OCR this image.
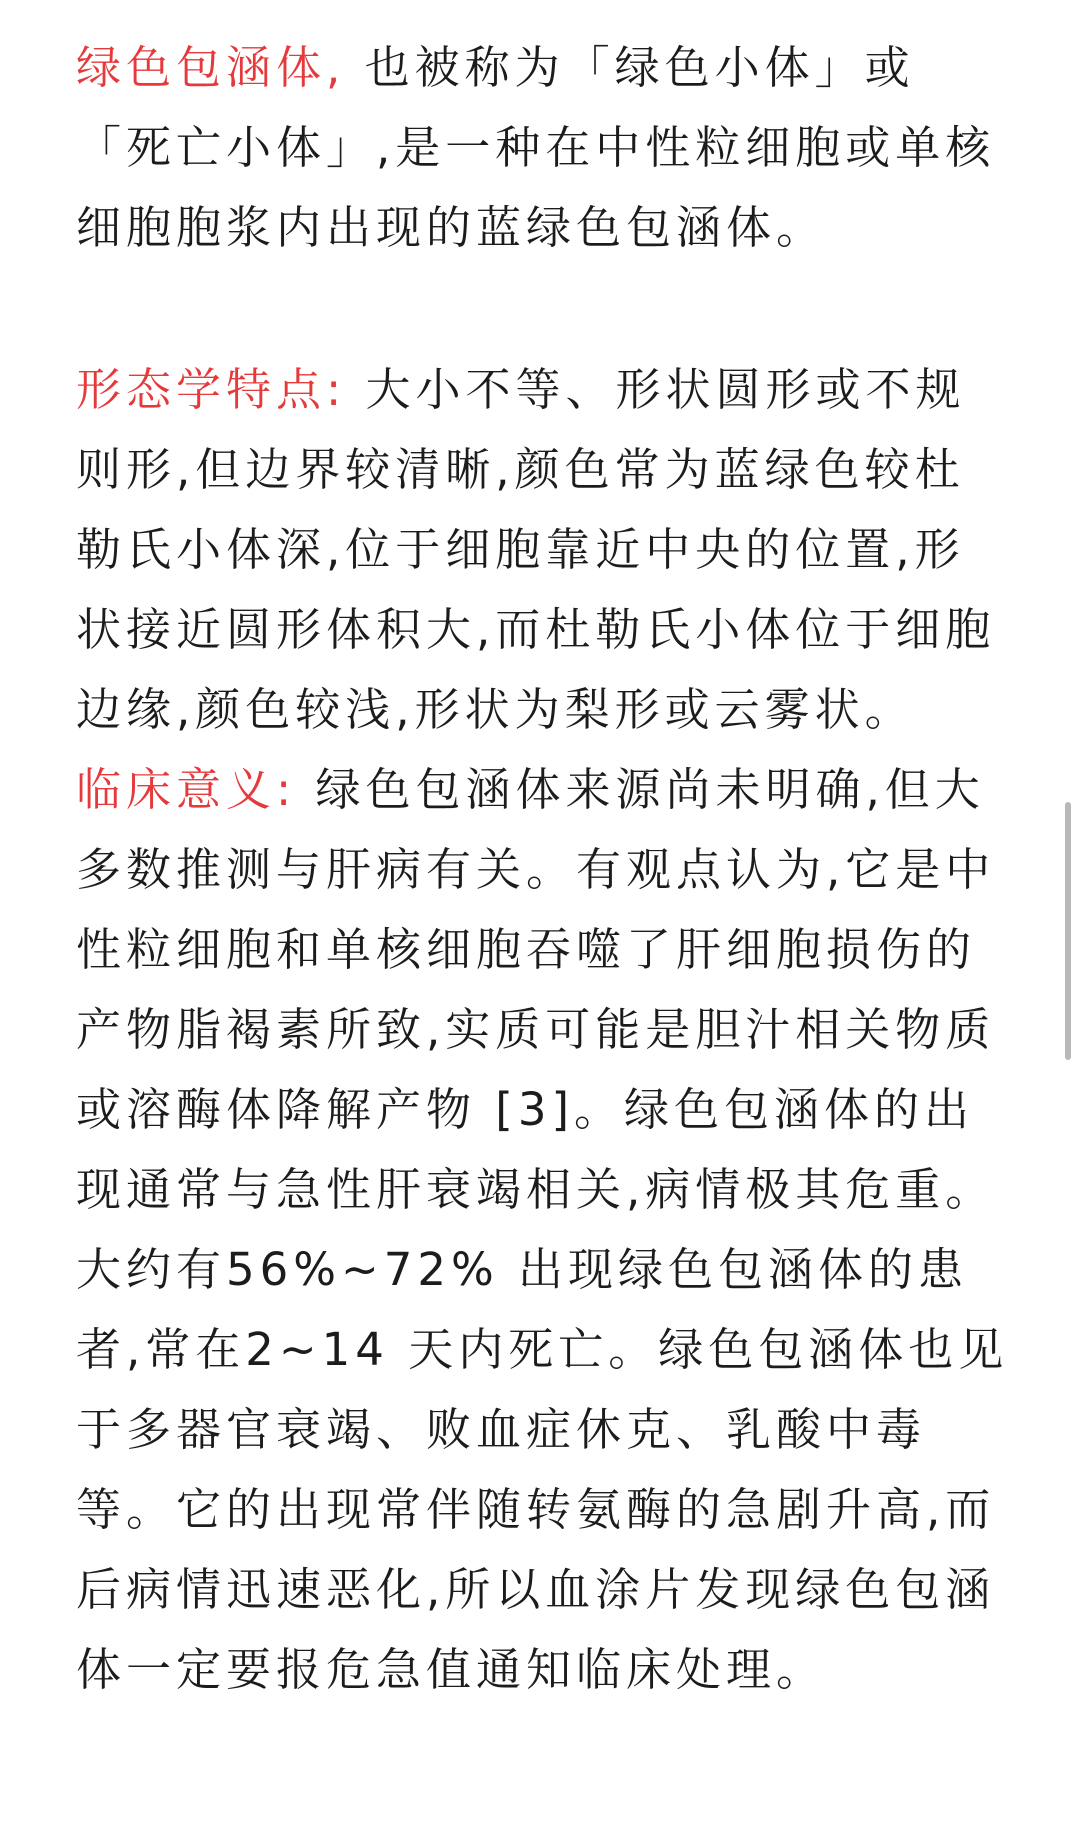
绿色包涵体, 也被称为「绿色小体」或「死亡小体」,是一种在中性粒细胞或单核细胞胞浆内出现的蓝绿色包涵体。

形态学特点: 大小不等、形状圆形或不规则形,但边界较清晰,颜色常为蓝绿色较杜勒氏小体深,位于细胞靠近中央的位置,形状接近圆形体积大,而杜勒氏小体位于细胞边缘,颜色较浅,形状为梨形或云雾状。

临床意义: 绿色包涵体来源尚未明确,但大多数推测与肝病有关。有观点认为,它是中性粒细胞和单核细胞吞噬了肝细胞损伤的产物脂褐素所致,实质可能是胆汁相关物质或溶酶体降解产物 [3]。绿色包涵体的出现通常与急性肝衰竭相关,病情极其危重。大约有56%~72% 出现绿色包涵体的患者,常在2~14 天内死亡。绿色包涵体也见于多器官衰竭、败血症休克、乳酸中毒等。它的出现常伴随转氨酶的急剧升高,而后病情迅速恶化,所以血涂片发现绿色包涵体一定要报危急值通知临床处理。
